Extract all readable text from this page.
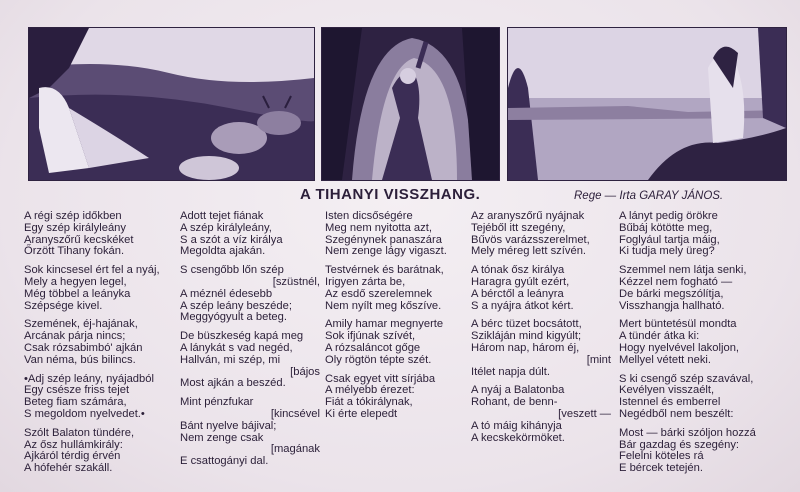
A TIHANYI VISSZHANG.	Rege — Irta GARAY JÁNOS.
A régi szép időkben
Egy szép királyleány
Aranyszőrű kecskéket
Őrzött Tihany fokán.
Sok kincsesel ért fel a nyáj,
Mely a hegyen legel,
Még többel a leányka
Szépsége kivel.
Szemének, éj-hajának,
Arcának párja nincs;
Csak rózsabimbó' ajkán
Van néma, bús bilincs.
•Adj szép leány, nyájadból
Egy csésze friss tejet
Beteg fiam számára,
S megoldom nyelvedet.•
Szólt Balaton tündére,
Az ősz hullámkirály:
Ajkáról térdig érvén
A hófehér szakáll.
Adott tejet fiának
A szép királyleány,
S a szót a víz királya
Megoldta ajakán.
S csengőbb lőn szép
[szüstnél,
A méznél édesebb
A szép leány beszéde;
Meggyógyult a beteg.
De büszkeség kapá meg
A lánykát s vad negéd,
Hallván, mi szép, mi
[bájos
Most ajkán a beszéd.
Mint pénzfukar
[kincsével
Bánt nyelve bájival;
Nem zenge csak
[magának
E csattogányi dal.
Isten dicsőségére
Meg nem nyitotta azt,
Szegénynek panaszára
Nem zenge lágy vigaszt.
Testvérnek és barátnak,
Irigyen zárta be,
Az esdő szerelemnek
Nem nyílt meg kőszíve.
Amily hamar megnyerte
Sok ifjúnak szívét,
A rózsaláncot gőge
Oly rögtön tépte szét.
Csak egyet vitt sírjába
A mélyebb érezet:
Fiát a tókirálynak,
Ki érte elepedt
Az aranyszőrű nyájnak
Tejéből itt szegény,
Bűvös varázsszerelmet,
Mely méreg lett szívén.
A tónak ősz királya
Haragra gyúlt ezért,
A bérctől a leányra
S a nyájra átkot kért.
A bérc tüzet bocsátott,
Szikláján mind kigyúlt;
Három nap, három éj,
[mint
Itélet napja dúlt.
A nyáj a Balatonba
Rohant, de benn-
[veszett —
A tó máig kihányja
A kecskekörmöket.
A lányt pedig örökre
Bűbáj kötötte meg,
Foglyául tartja máig,
Ki tudja mely üreg?
Szemmel nem látja senki,
Kézzel nem fogható —
De bárki megszólítja,
Visszhangja hallható.
Mert büntetésül mondta
A tündér átka ki:
Hogy nyelvével lakoljon,
Mellyel vétett neki.
S ki csengő szép szavával,
Kevélyen visszaélt,
Istennel és emberrel
Negédből nem beszélt:
Most — bárki szóljon hozzá
Bár gazdag és szegény:
Felelni köteles rá
E bércek tetején.
